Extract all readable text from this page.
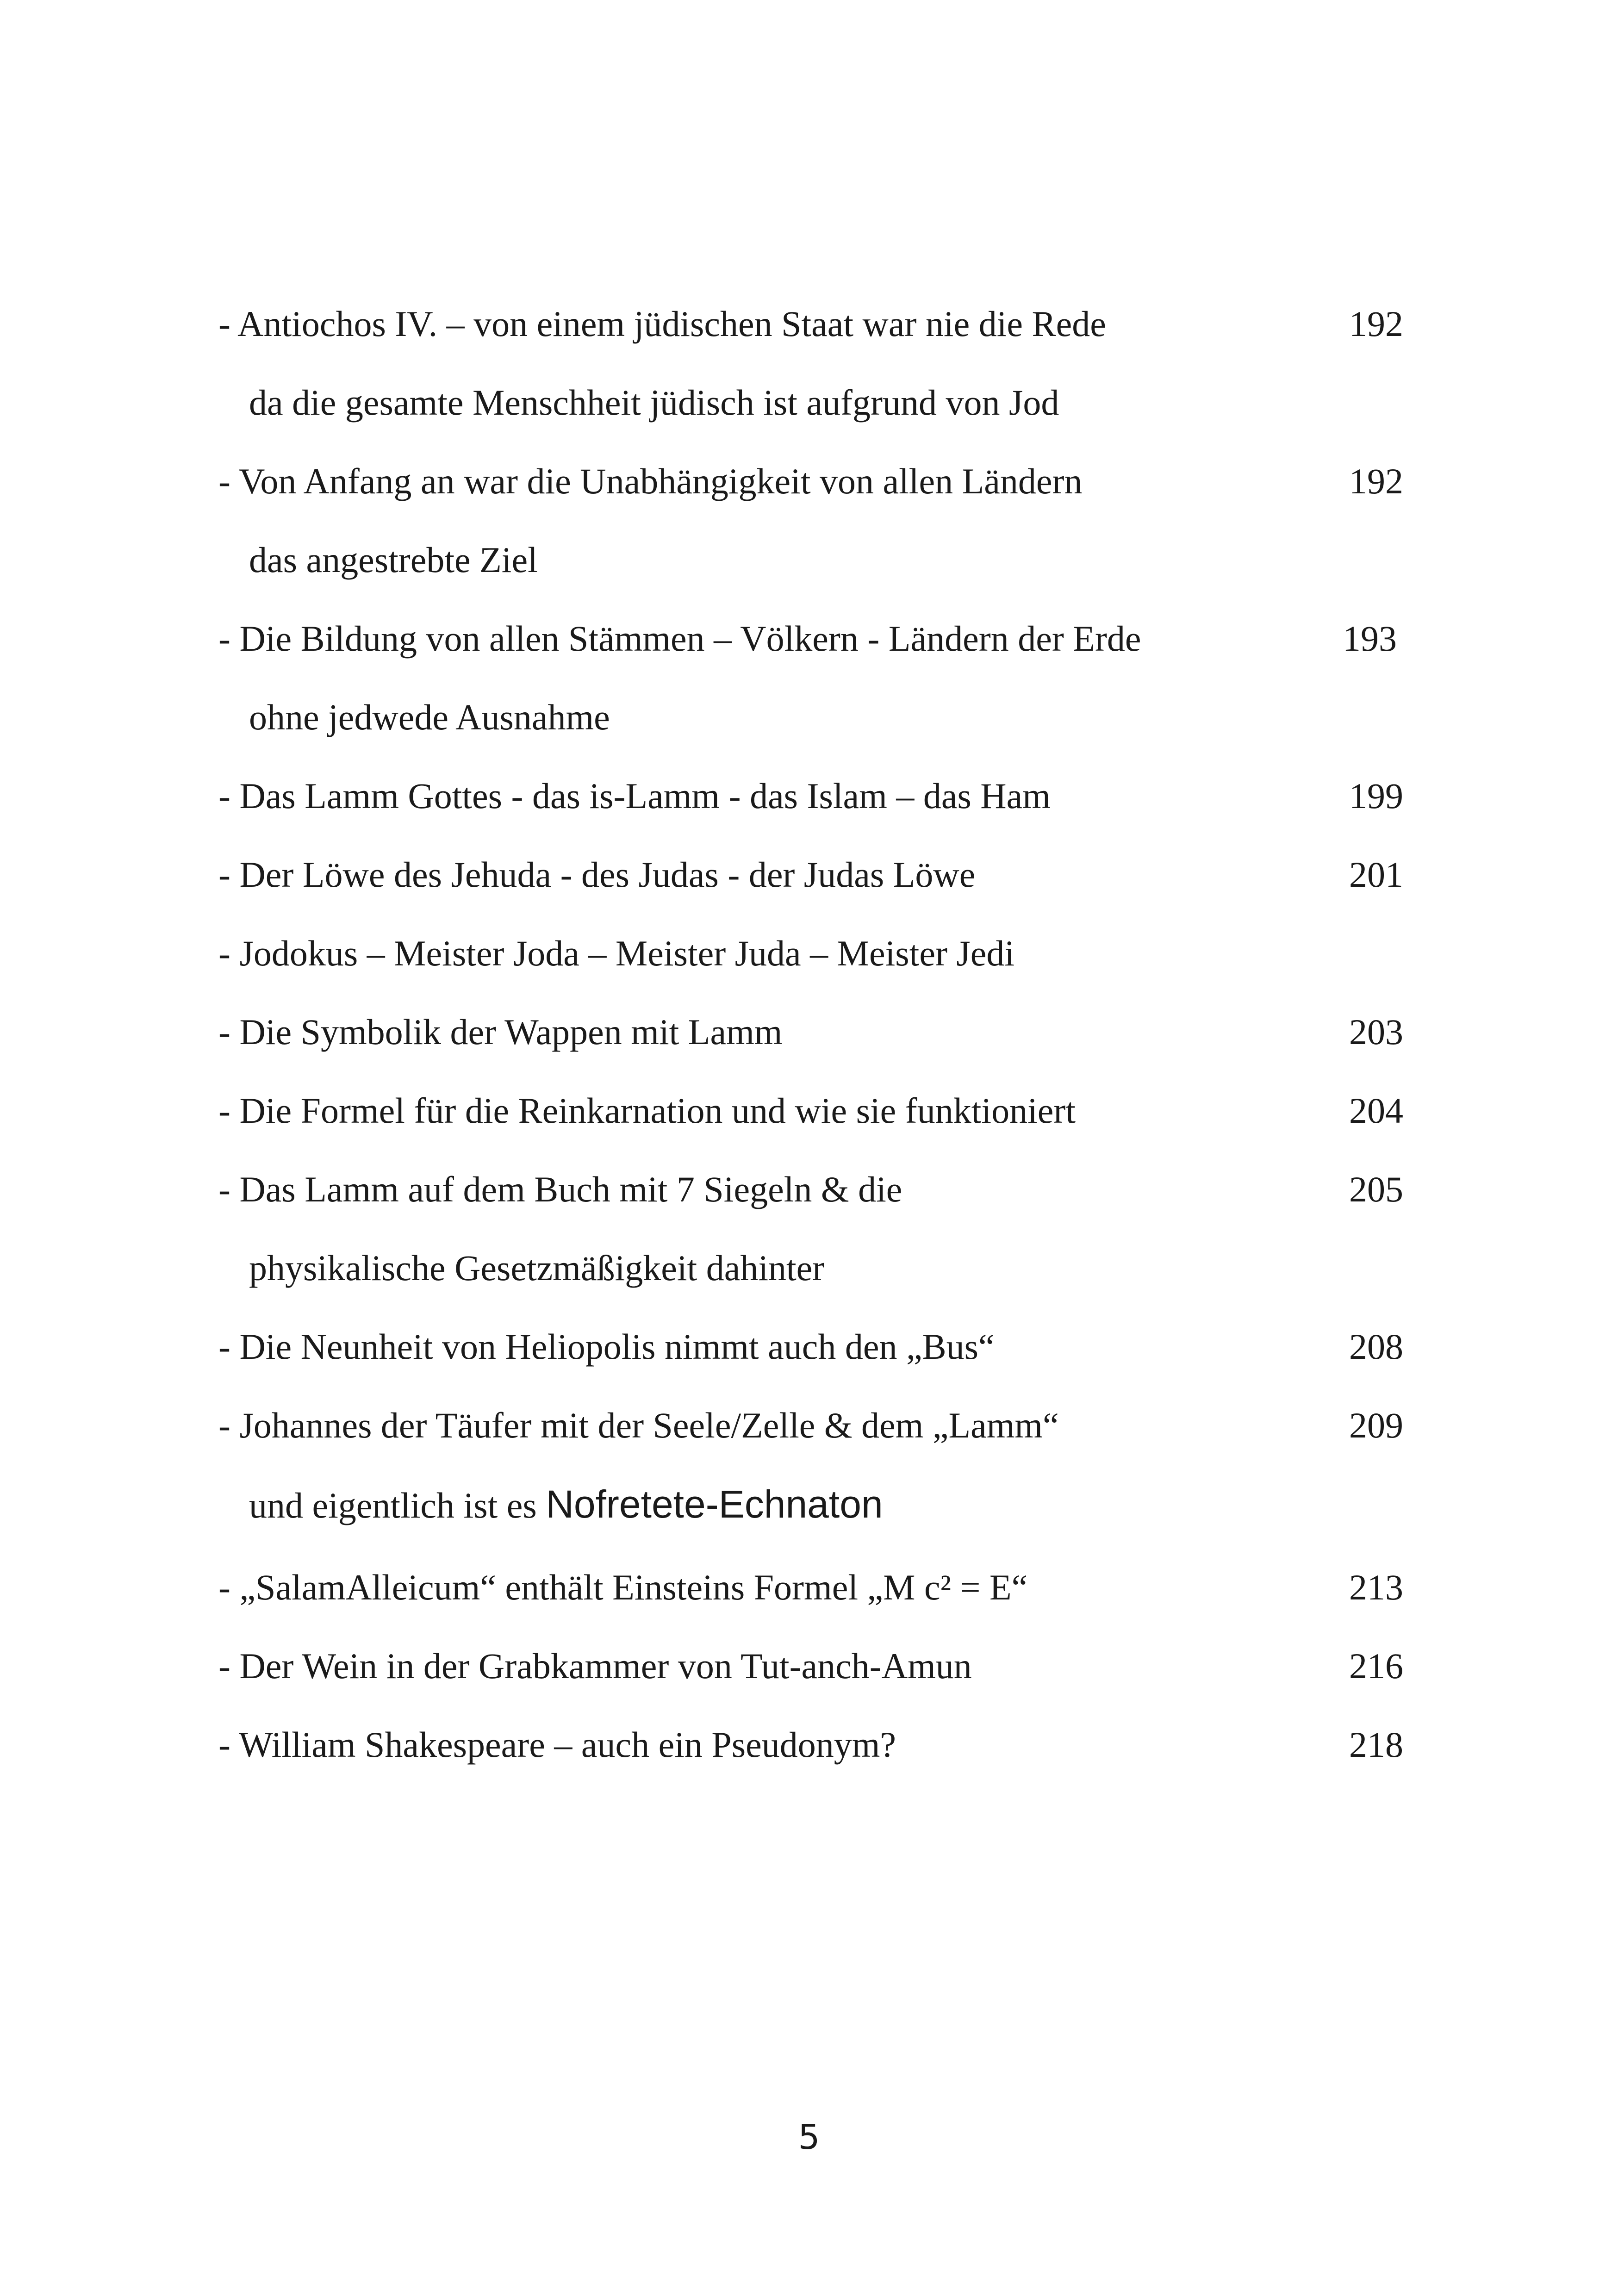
- Antiochos IV. – von einem jüdischen Staat war nie die Rede	192
da die gesamte Menschheit jüdisch ist aufgrund von Jod
- Von Anfang an war die Unabhängigkeit von allen Ländern	192
das angestrebte Ziel
- Die Bildung von allen Stämmen – Völkern - Ländern der Erde	193
ohne jedwede Ausnahme
- Das Lamm Gottes - das is-Lamm - das Islam – das Ham	199
- Der Löwe des Jehuda - des Judas - der Judas Löwe	201
- Jodokus – Meister Joda – Meister Juda – Meister Jedi
- Die Symbolik der Wappen mit Lamm	203
- Die Formel für die Reinkarnation und wie sie funktioniert	204
- Das Lamm auf dem Buch mit 7 Siegeln & die	205
physikalische Gesetzmäßigkeit dahinter
- Die Neunheit von Heliopolis nimmt auch den „Bus“	208
- Johannes der Täufer mit der Seele/Zelle & dem „Lamm“	209
und eigentlich ist es Nofretete-Echnaton
- „SalamAlleicum“ enthält Einsteins Formel „M c² = E“	213
- Der Wein in der Grabkammer von Tut-anch-Amun	216
- William Shakespeare – auch ein Pseudonym?	218
5
